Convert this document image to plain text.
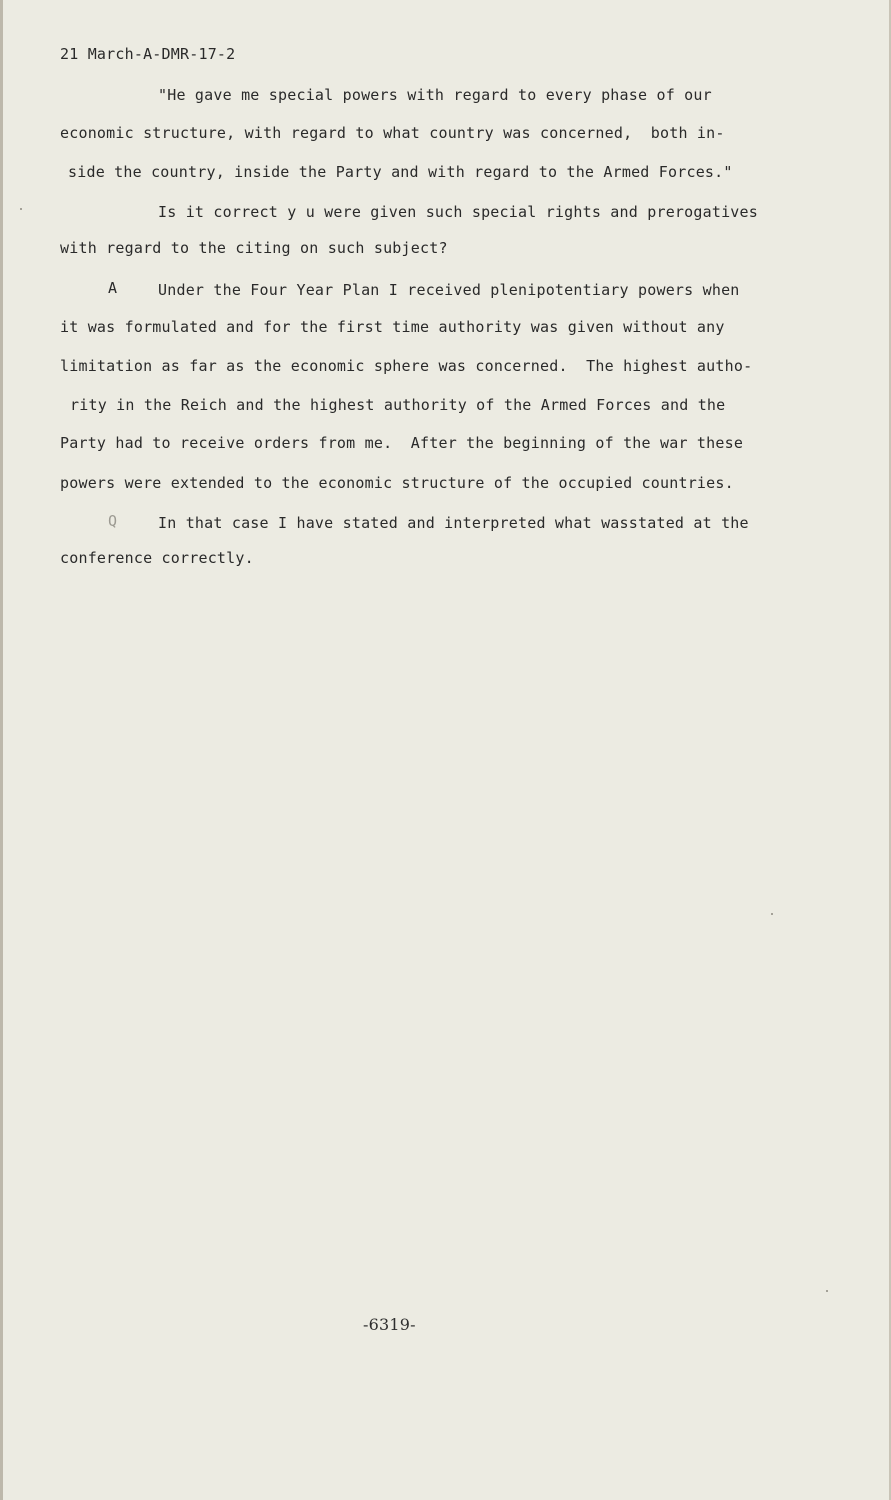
21 March-A-DMR-17-2
"He gave me special powers with regard to every phase of our
economic structure, with regard to what country was concerned,  both in-
side the country, inside the Party and with regard to the Armed Forces."
Is it correct y u were given such special rights and prerogatives
with regard to the citing on such subject?
A	Under the Four Year Plan I received plenipotentiary powers when
it was formulated and for the first time authority was given without any
limitation as far as the economic sphere was concerned.  The highest autho-
rity in the Reich and the highest authority of the Armed Forces and the
Party had to receive orders from me.  After the beginning of the war these
powers were extended to the economic structure of the occupied countries.
Q	In that case I have stated and interpreted what wasstated at the
conference correctly.
-6319-
